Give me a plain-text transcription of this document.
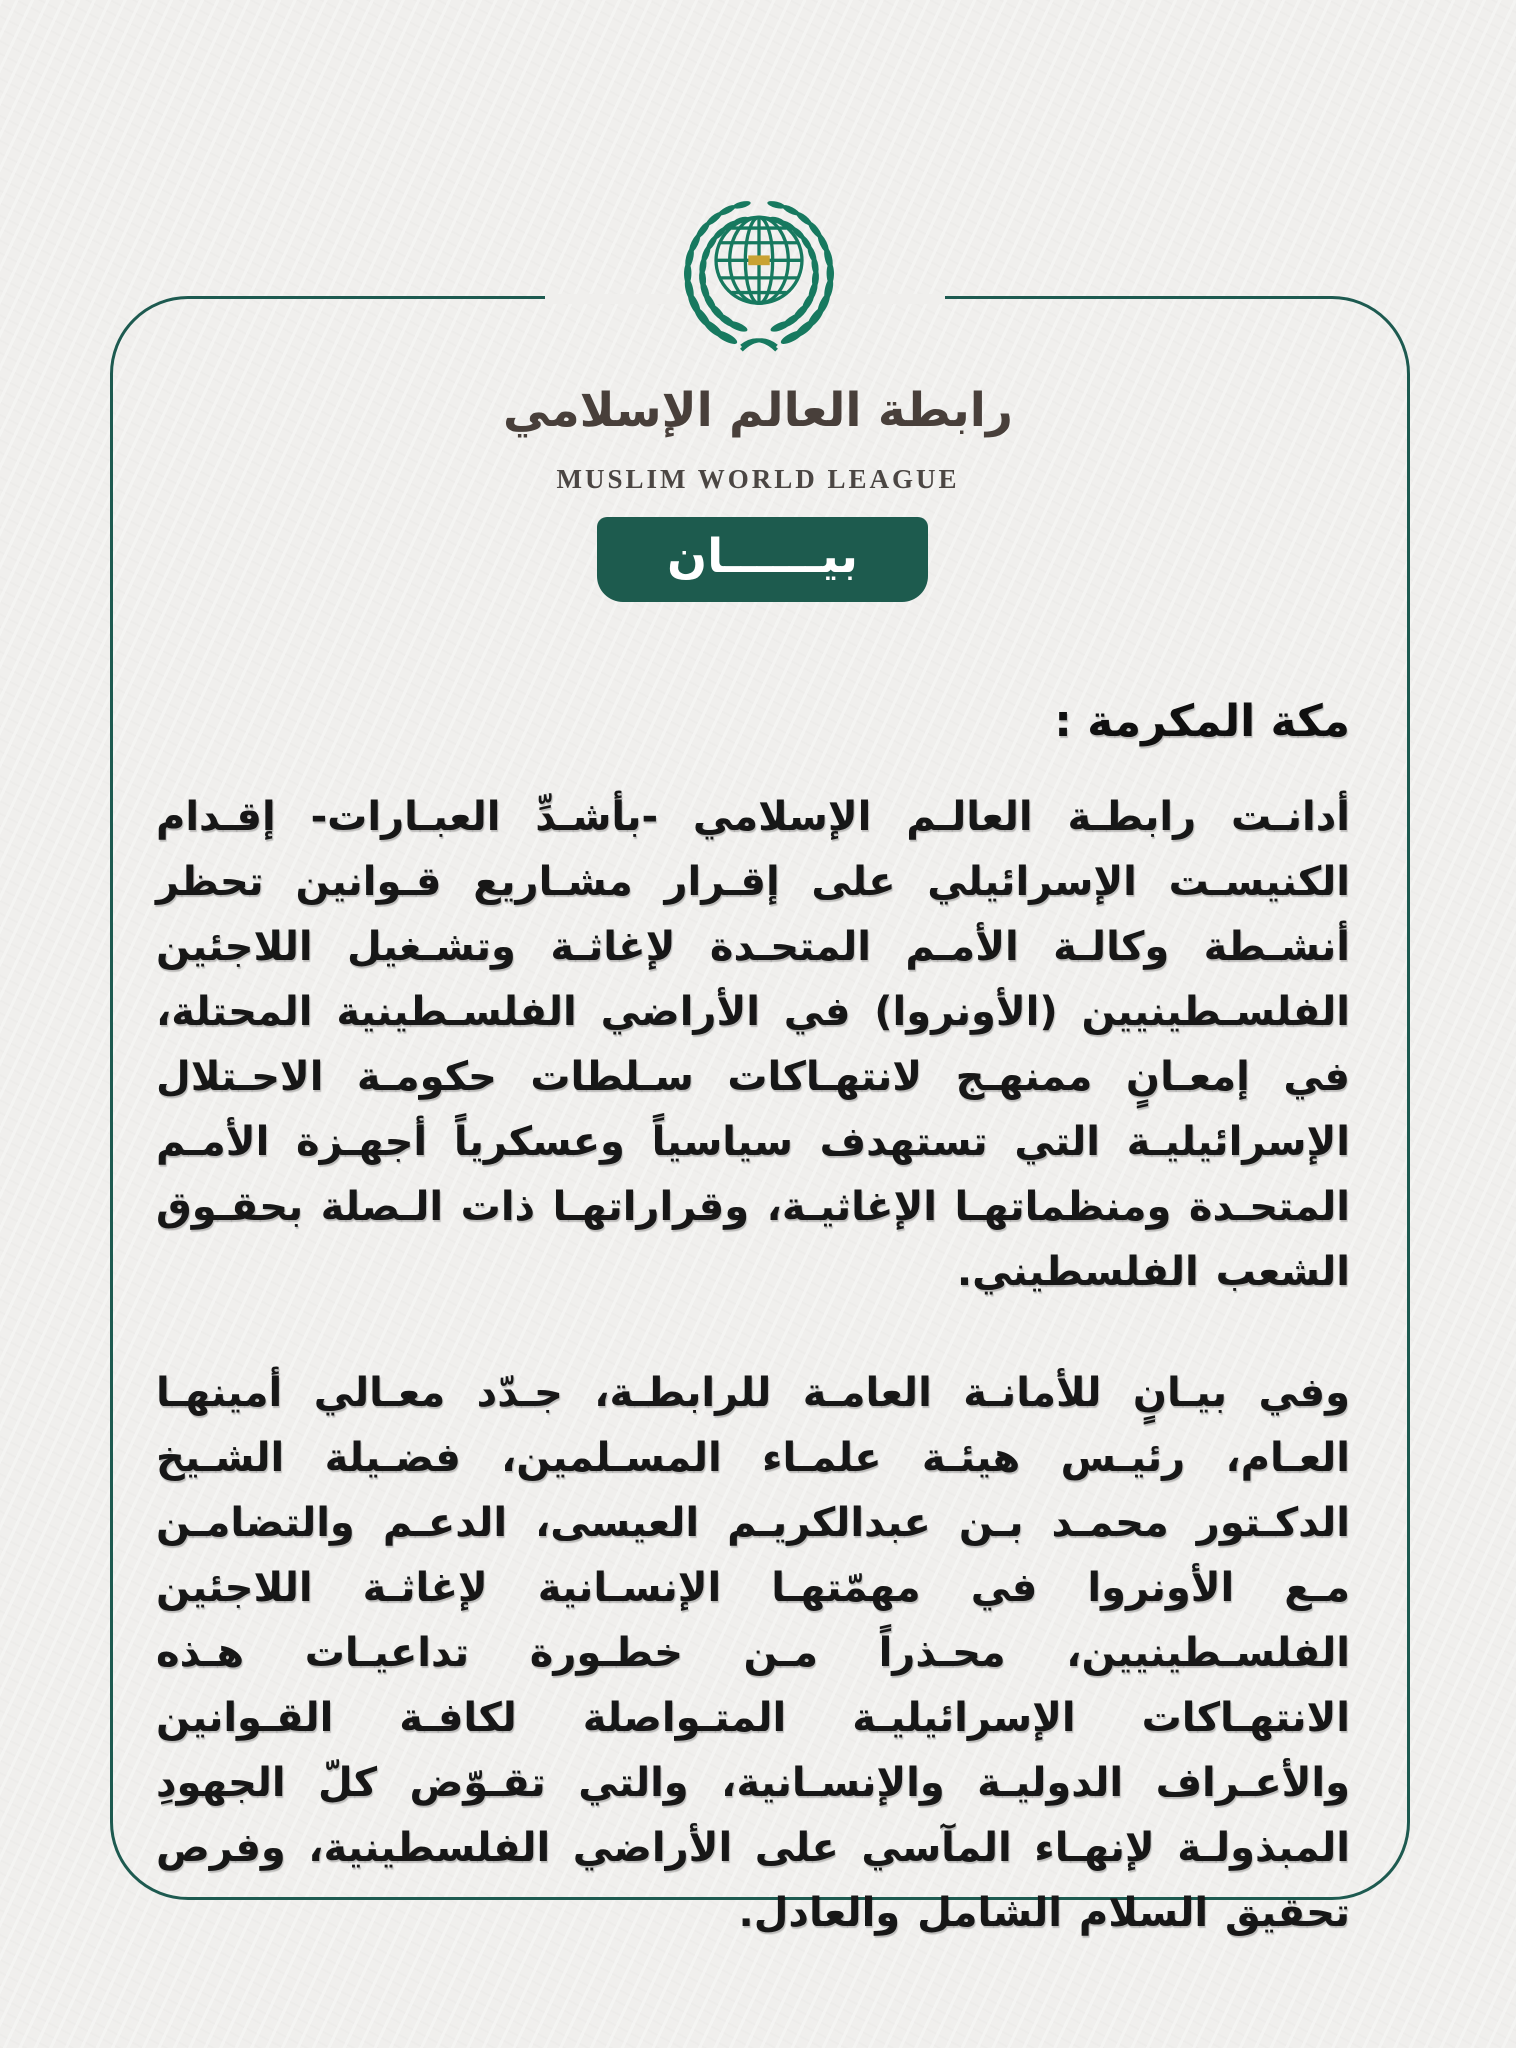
رابطة العالم الإسلامي
MUSLIM WORLD LEAGUE
بيــــــان
مكة المكرمة :

أدانـت رابطـة العالـم الإسلامي -بأشـدِّ العبـارات- إقـدام الكنيسـت الإسرائيلي على إقـرار مشـاريع قـوانين تحظر أنشـطة وكالـة الأمـم المتحـدة لإغاثـة وتشـغيل اللاجئين الفلسـطينيين (الأونروا) في الأراضي الفلسـطينية المحتلة، في إمعـانٍ ممنهـج لانتهـاكات سـلطات حكومـة الاحـتلال الإسرائيليـة التي تستهدف سياسياً وعسكرياً أجهـزة الأمـم المتحـدة ومنظماتهـا الإغاثيـة، وقراراتهـا ذات الـصلة بحقـوق الشعب الفلسطيني.

وفي بيـانٍ للأمانـة العامـة للرابطـة، جـدّد معـالي أمينهـا العـام، رئيـس هيئـة علمـاء المسـلمين، فضـيلة الشـيخ الدكـتور محمـد بـن عبدالكريـم العيسى، الدعـم والتضامـن مـع الأونروا في مهمّتهـا الإنسـانية لإغاثـة اللاجئين الفلسـطينيين، محـذراً مـن خطـورة تداعيـات هـذه الانتهـاكات الإسرائيليـة المتـواصلة لكافـة القـوانين والأعـراف الدوليـة والإنسـانية، والتي تقـوّض كلّ الجهودِ المبذولـة لإنهـاء المآسي على الأراضي الفلسطينية، وفرص تحقيق السلام الشامل والعادل.
